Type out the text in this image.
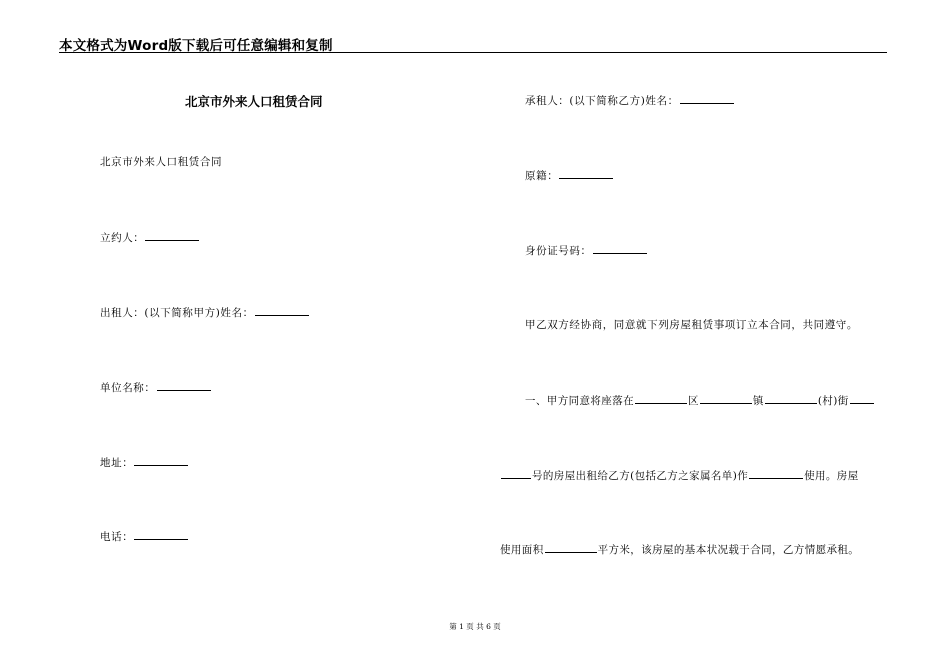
本文格式为Word版下载后可任意编辑和复制
北京市外来人口租赁合同
北京市外来人口租赁合同
立约人：
出租人：(以下简称甲方)姓名：
单位名称：
地址：
电话：
承租人：(以下简称乙方)姓名：
原籍：
身份证号码：
甲乙双方经协商，同意就下列房屋租赁事项订立本合同，共同遵守。
一、甲方同意将座落在	区	镇	(村)街
号的房屋出租给乙方(包括乙方之家属名单)作	使用。房屋
使用面积	平方米，该房屋的基本状况载于合同，乙方情愿承租。
第 1 页 共 6 页
